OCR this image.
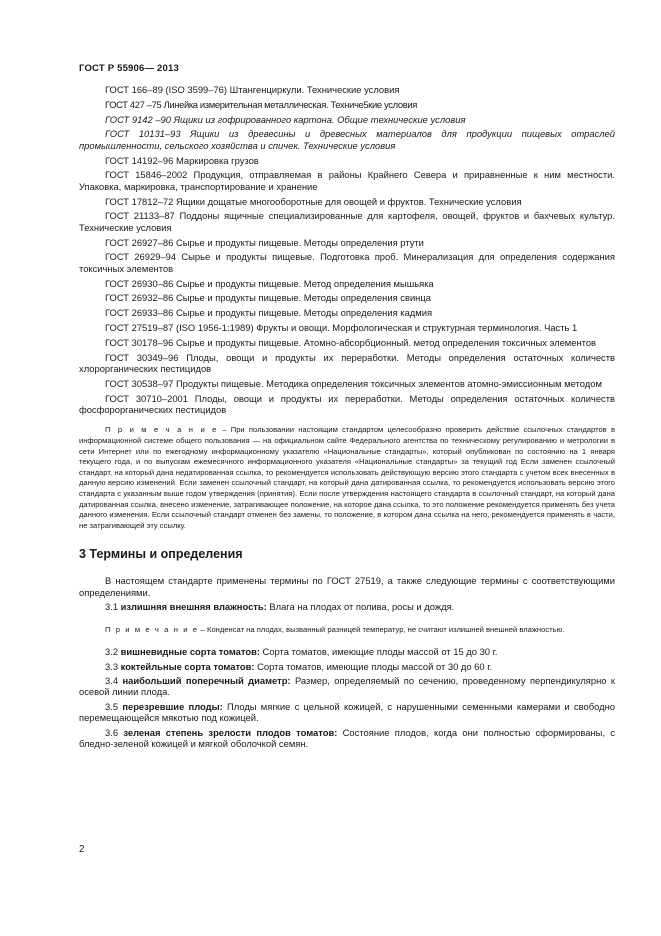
ГОСТ Р 55906— 2013

ГОСТ 166–89 (ISO 3599–76) Штангенциркули. Технические условия

ГОСТ 427 –75 Линейка измерительная металлическая. Техниче5кие условия

ГОСТ 9142 –90 Ящики из гофрированного картона. Общие технические условия

ГОСТ 10131–93 Ящики из древесины и древесных материалов для продукции пищевых отраслей промышленности, сельского хозяйства и спичек. Технические условия

ГОСТ 14192–96 Маркировка грузов

ГОСТ 15846–2002 Продукция, отправляемая в районы Крайнего Севера и приравненные к ним местности. Упаковка, маркировка, транспортирование и хранение

ГОСТ 17812–72 Ящики дощатые многооборотные для овощей и фруктов. Технические условия

ГОСТ 21133–87 Поддоны ящичные специализированные для картофеля, овощей, фруктов и бахчевых культур. Технические условия

ГОСТ 26927–86 Сырье и продукты пищевые. Методы определения ртути

ГОСТ 26929–94 Сырье и продукты пищевые. Подготовка проб. Минерализация для определения содержания токсичных элементов

ГОСТ 26930–86 Сырье и продукты пищевые. Метод определения мышьяка

ГОСТ 26932–86 Сырье и продукты пищевые. Методы определения свинца

ГОСТ 26933–86 Сырье и продукты пищевые. Методы определения кадмия

ГОСТ 27519–87 (ISO 1956-1:1989) Фрукты и овощи. Морфологическая и структурная терминология. Часть 1

ГОСТ 30178–96 Сырье и продукты пищевые. Атомно-абсорбционный. метод определения токсичных элементов

ГОСТ 30349–96 Плоды, овощи и продукты их переработки. Методы определения остаточных количеств хлорорганических пестицидов

ГОСТ 30538–97 Продукты пищевые. Методика определения токсичных элементов атомно-эмиссионным методом

ГОСТ 30710–2001 Плоды, овощи и продукты их переработки. Методы определения остаточных количеств фосфорорганических пестицидов

П р и м е ч а н и е – При пользовании настоящим стандартом целесообразно проверить действие ссылочных стандартов в информационной системе общего пользования — на официальном сайте Федерального агентства по техническому регулированию и метрологии в сети Интернет или по ежегодному информационному указателю «Национальные стандарты», который опубликован по состоянию на 1 января текущего года, и по выпускам ежемесячного информационного указателя «Национальные стандарты» за текущий год Если заменен ссылочный стандарт, на который дана недатированная ссылка, то рекомендуется использовать действующую версию этого стандарта с учетом всех внесенных в данную версию изменений. Если заменен ссылочный стандарт, на который дана датированная ссылка, то рекомендуется использовать версию этого стандарта с указанным выше годом утверждения (принятия). Если после утверждения настоящего стандарта в ссылочный стандарт, на который дана датированная ссылка, внесено изменение, затрагивающее положение, на которое дана ссылка, то это положение рекомендуется применять без учета данного изменения. Если ссылочный стандарт отменен без замены, то положение, в котором дана ссылка на него, рекомендуется применять в части, не затрагивающей эту ссылку.

3 Термины и определения

В настоящем стандарте применены термины по ГОСТ 27519, а также следующие термины с соответствующими определениями.

3.1 излишняя внешняя влажность: Влага на плодах от полива, росы и дождя.

П р и м е ч а н и е – Конденсат на плодах, вызванный разницей температур, не считают излишней внешней влажностью.

3.2 вишневидные сорта томатов: Сорта томатов, имеющие плоды массой от 15 до 30 г.

3.3 коктейльные сорта томатов: Сорта томатов, имеющие плоды массой от 30 до 60 г.

3.4 наибольший поперечный диаметр: Размер, определяемый по сечению, проведенному перпендикулярно к осевой линии плода.

3.5 перезревшие плоды: Плоды мягкие с цельной кожицей, с нарушенными семенными камерами и свободно перемещающейся мякотью под кожицей.

3.6 зеленая степень зрелости плодов томатов: Состояние плодов, когда они полностью сформированы, с бледно-зеленой кожицей и мягкой оболочкой семян.

2
